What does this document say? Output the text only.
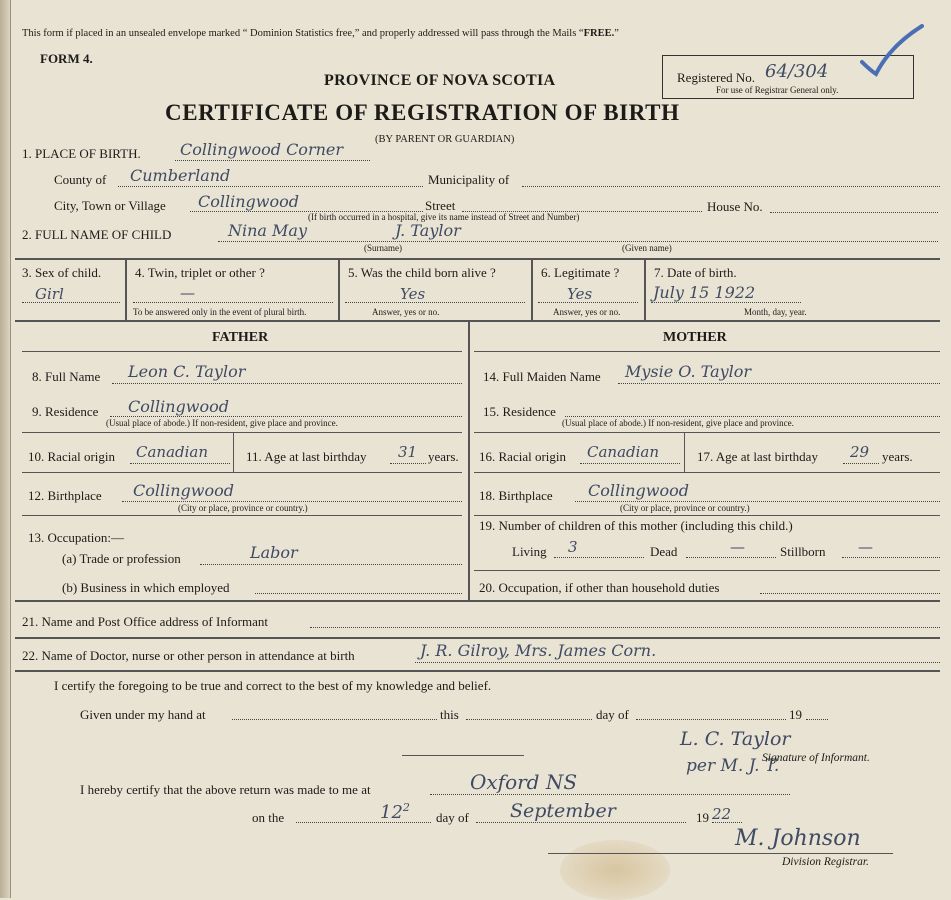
This form if placed in an unsealed envelope marked “ Dominion Statistics free,” and properly addressed will pass through the Mails “FREE.”
FORM 4.
PROVINCE OF NOVA SCOTIA
CERTIFICATE OF REGISTRATION OF BIRTH
(BY PARENT OR GUARDIAN)
Registered No. 64/304
For use of Registrar General only.
1. PLACE OF BIRTH. Collingwood Corner
County of Cumberland	Municipality of
City, Town or Village Collingwood	Street	House No.
(If birth occurred in a hospital, give its name instead of Street and Number)
2. FULL NAME OF CHILD	Nina May	J. Taylor
(Surname)	(Given name)
3. Sex of child.
Girl
4. Twin, triplet or other ?
—
To be answered only in the event of plural birth.
5. Was the child born alive ?
Yes
Answer, yes or no.
6. Legitimate ?
Yes
Answer, yes or no.
7. Date of birth.
July 15 1922
Month, day, year.
FATHER	MOTHER
8. Full Name Leon C. Taylor	14. Full Maiden Name Mysie O. Taylor
9. Residence Collingwood
(Usual place of abode.) If non-resident, give place and province.
15. Residence
(Usual place of abode.) If non-resident, give place and province.
10. Racial origin Canadian	11. Age at last birthday 31 years. 16. Racial origin Canadian	17. Age at last birthday 29 years.
12. Birthplace Collingwood
(City or place, province or country.)
18. Birthplace Collingwood
(City or place, province or country.)
13. Occupation:—
(a) Trade or profession	Labor
19. Number of children of this mother (including this child.)
Living 3	Dead	—	Stillborn —
(b) Business in which employed	20. Occupation, if other than household duties
21. Name and Post Office address of Informant
22. Name of Doctor, nurse or other person in attendance at birth	J. R. Gilroy, Mrs. James Corn.
I certify the foregoing to be true and correct to the best of my knowledge and belief.
Given under my hand at	this	day of	19
L. C. Taylor
per M. J. T.
Signature of Informant.
I hereby certify that the above return was made to me at	Oxford NS
on the	$12^2$
day of September	19 22
M. Johnson
Division Registrar.
